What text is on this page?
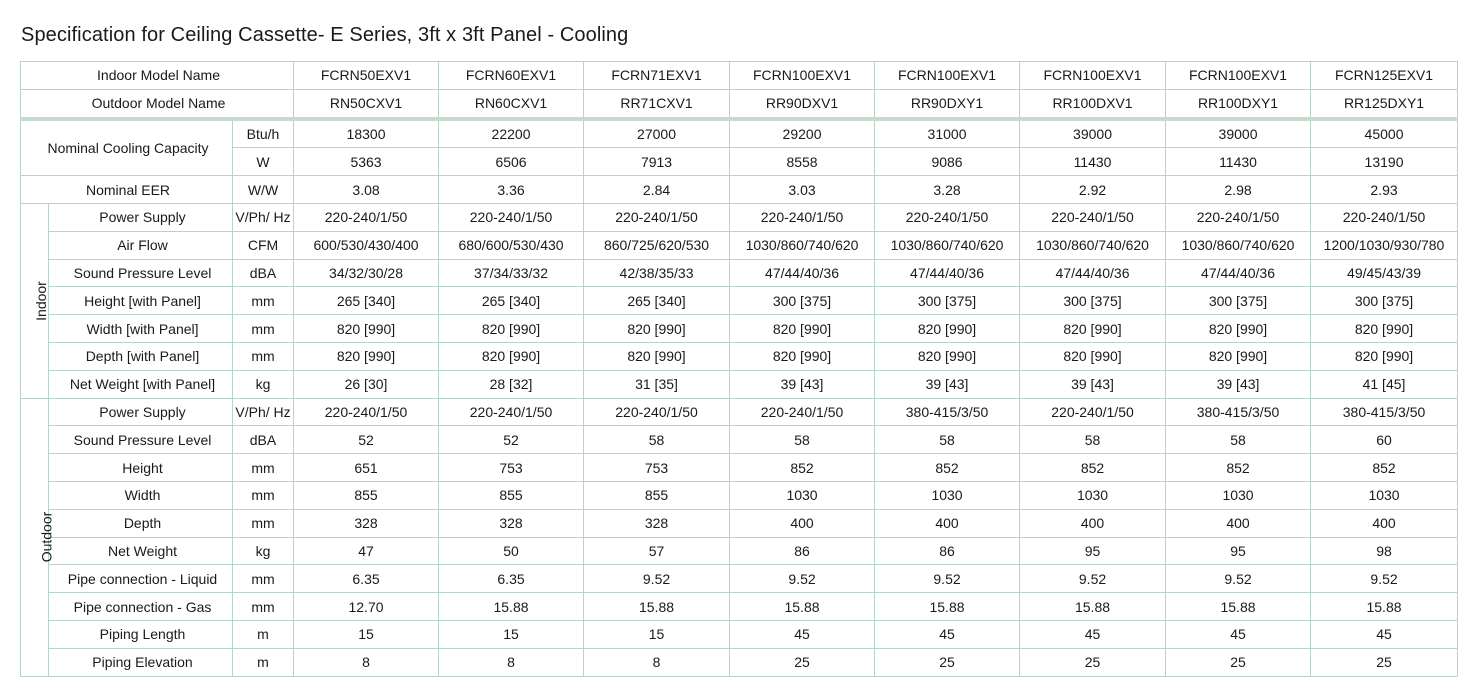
Specification for Ceiling Cassette- E Series, 3ft x 3ft Panel - Cooling
Indoor Model Name			FCRN50EXV1	FCRN60EXV1	FCRN71EXV1	FCRN100EXV1	FCRN100EXV1	FCRN100EXV1	FCRN100EXV1	FCRN125EXV1
Outdoor Model Name			RN50CXV1	RN60CXV1	RR71CXV1	RR90DXV1	RR90DXY1	RR100DXV1	RR100DXY1	RR125DXY1
Nominal Cooling Capacity		Btu/h	18300	22200	27000	29200	31000	39000	39000	45000
		W	5363	6506	7913	8558	9086	11430	11430	13190
Nominal EER		W/W	3.08	3.36	2.84	3.03	3.28	2.92	2.98	2.93
Indoor	Power Supply	V/Ph/ Hz	220-240/1/50	220-240/1/50	220-240/1/50	220-240/1/50	220-240/1/50	220-240/1/50	220-240/1/50	220-240/1/50
	Air Flow	CFM	600/530/430/400	680/600/530/430	860/725/620/530	1030/860/740/620	1030/860/740/620	1030/860/740/620	1030/860/740/620	1200/1030/930/780
	Sound Pressure Level	dBA	34/32/30/28	37/34/33/32	42/38/35/33	47/44/40/36	47/44/40/36	47/44/40/36	47/44/40/36	49/45/43/39
	Height [with Panel]	mm	265 [340]	265 [340]	265 [340]	300 [375]	300 [375]	300 [375]	300 [375]	300 [375]
	Width [with Panel]	mm	820 [990]	820 [990]	820 [990]	820 [990]	820 [990]	820 [990]	820 [990]	820 [990]
	Depth [with Panel]	mm	820 [990]	820 [990]	820 [990]	820 [990]	820 [990]	820 [990]	820 [990]	820 [990]
	Net Weight [with Panel]	kg	26 [30]	28 [32]	31 [35]	39 [43]	39 [43]	39 [43]	39 [43]	41 [45]
Outdoor	Power Supply	V/Ph/ Hz	220-240/1/50	220-240/1/50	220-240/1/50	220-240/1/50	380-415/3/50	220-240/1/50	380-415/3/50	380-415/3/50
	Sound Pressure Level	dBA	52	52	58	58	58	58	58	60
	Height	mm	651	753	753	852	852	852	852	852
	Width	mm	855	855	855	1030	1030	1030	1030	1030
	Depth	mm	328	328	328	400	400	400	400	400
	Net Weight	kg	47	50	57	86	86	95	95	98
	Pipe connection - Liquid	mm	6.35	6.35	9.52	9.52	9.52	9.52	9.52	9.52
	Pipe connection - Gas	mm	12.70	15.88	15.88	15.88	15.88	15.88	15.88	15.88
	Piping Length	m	15	15	15	45	45	45	45	45
	Piping Elevation	m	8	8	8	25	25	25	25	25
